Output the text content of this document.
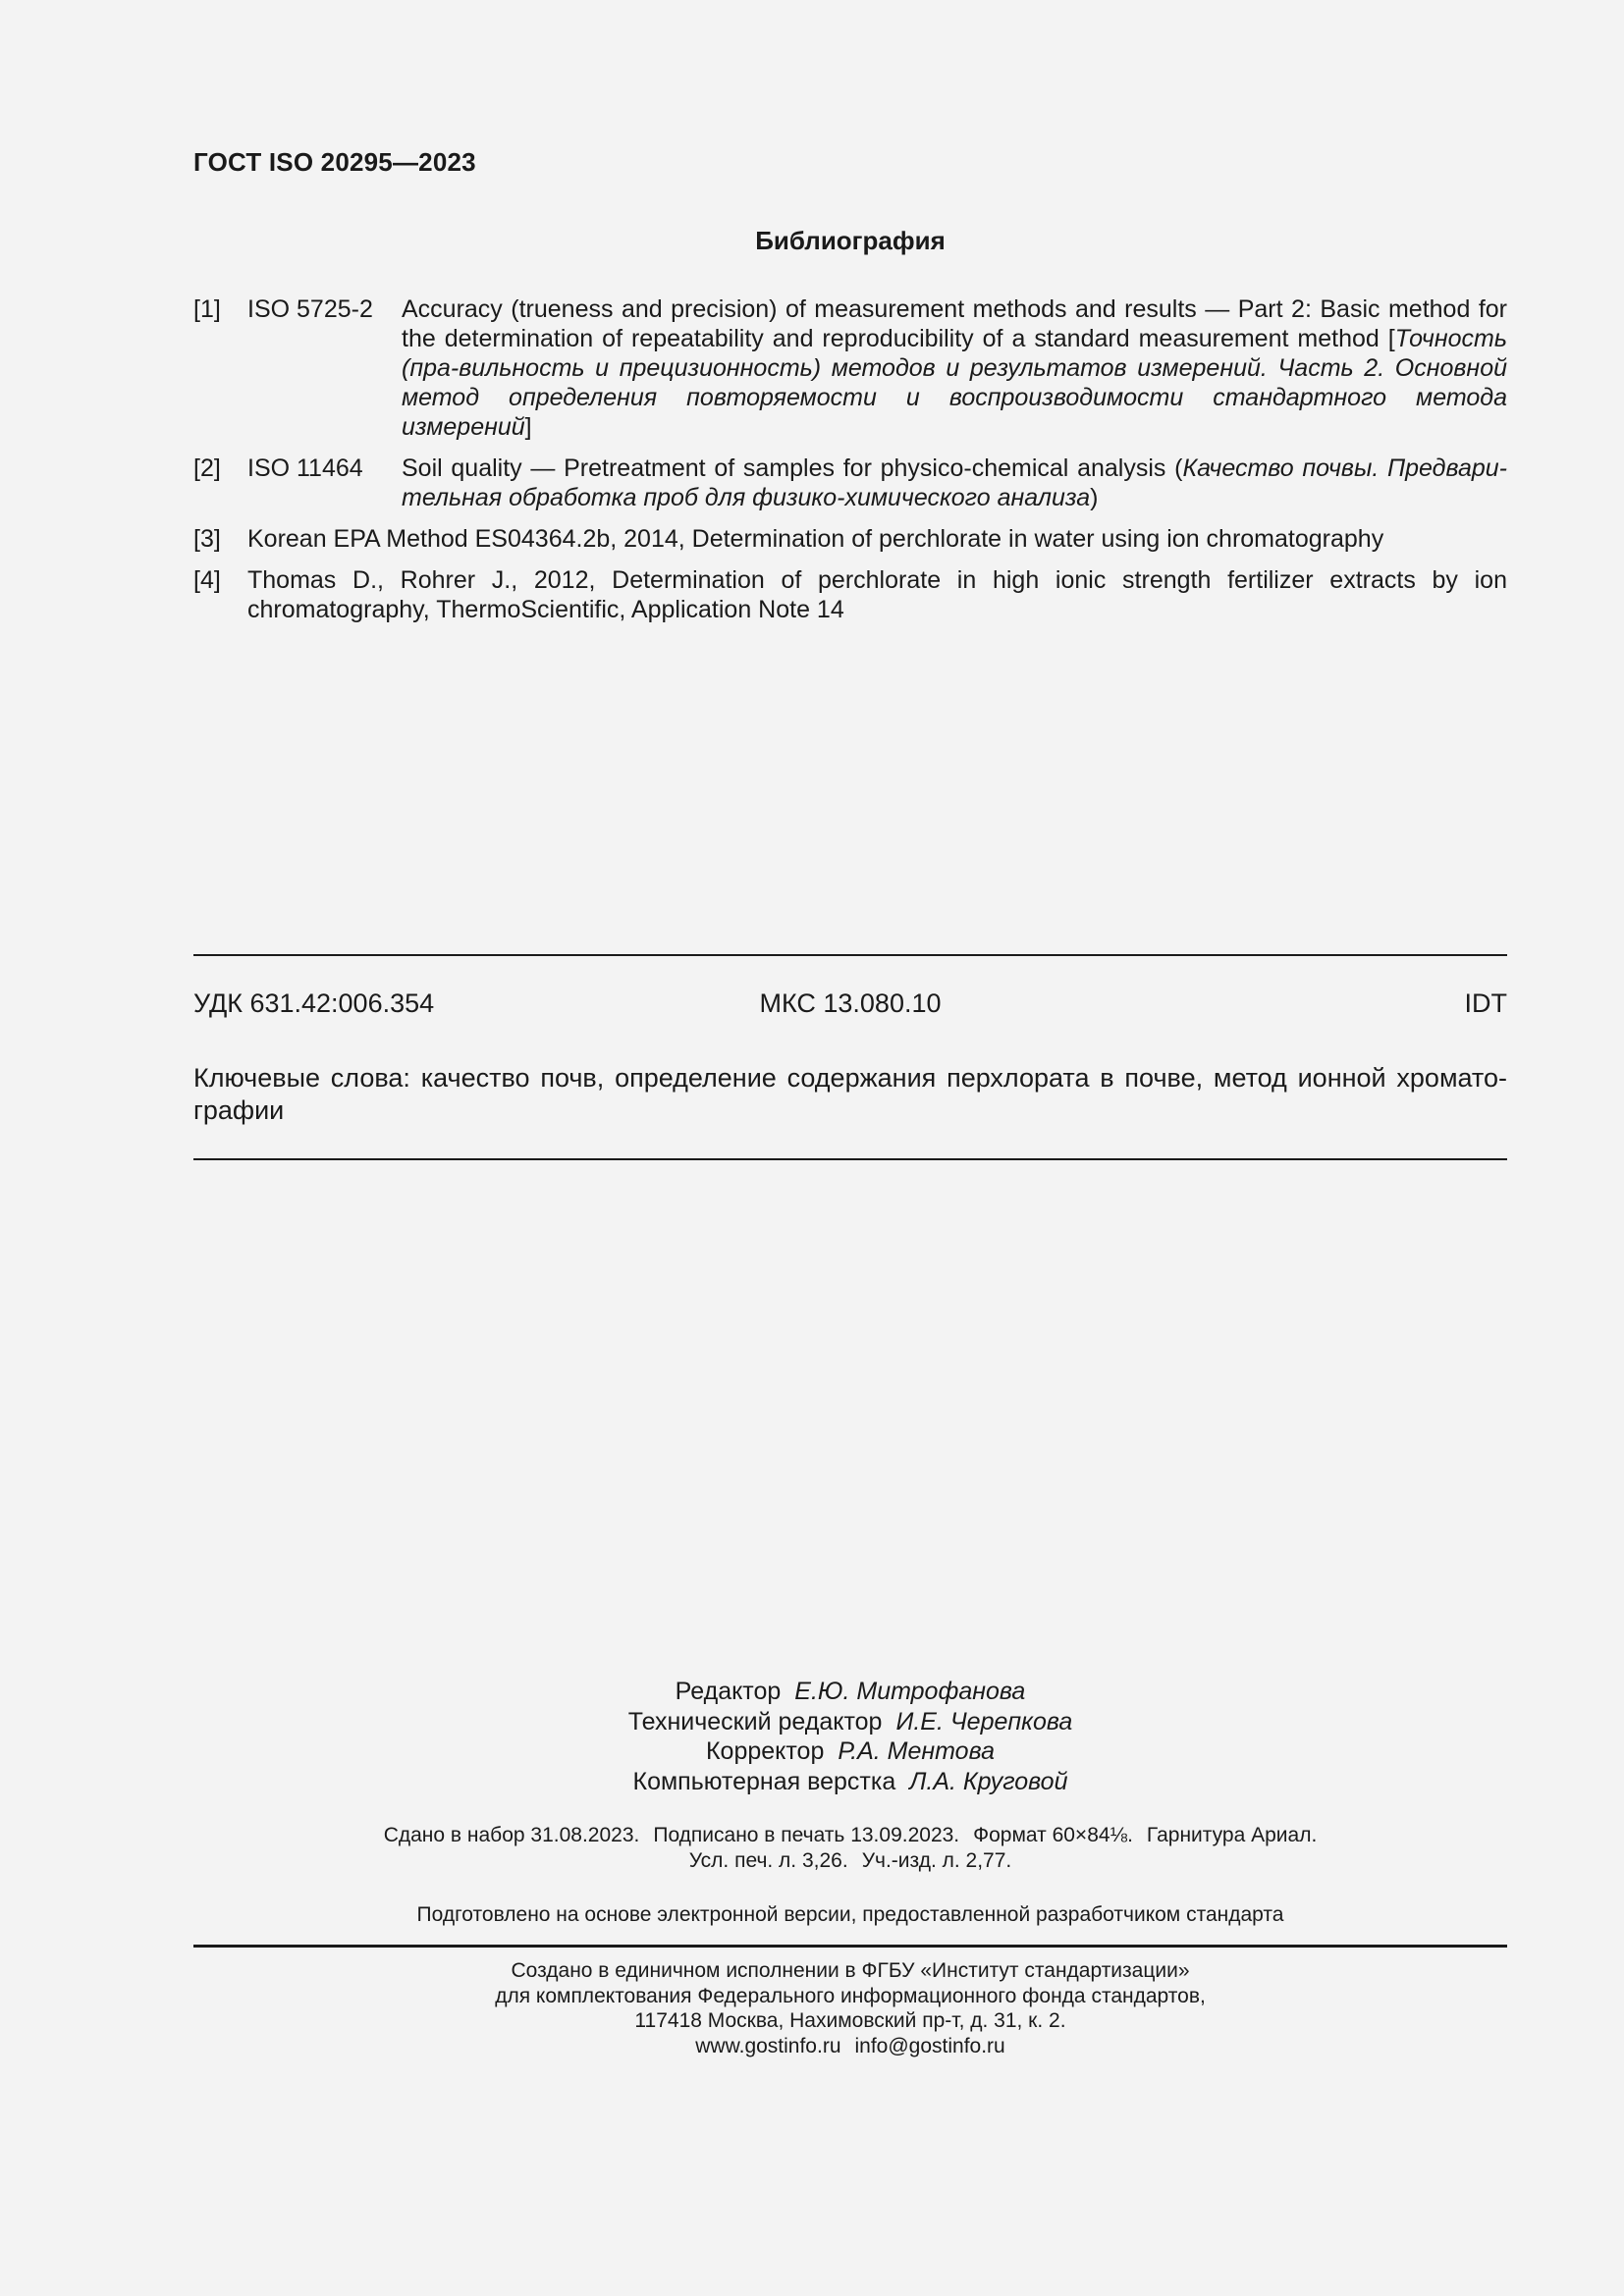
ГОСТ ISO 20295—2023
Библиография
[1] ISO 5725-2 Accuracy (trueness and precision) of measurement methods and results — Part 2: Basic method for the determination of repeatability and reproducibility of a standard measurement method [Точность (пра-вильность и прецизионность) методов и результатов измерений. Часть 2. Основной метод определения повторяемости и воспроизводимости стандартного метода измерений]
[2] ISO 11464 Soil quality — Pretreatment of samples for physico-chemical analysis (Качество почвы. Предвари-тельная обработка проб для физико-химического анализа)
[3] Korean EPA Method ES04364.2b, 2014, Determination of perchlorate in water using ion chromatography
[4] Thomas D., Rohrer J., 2012, Determination of perchlorate in high ionic strength fertilizer extracts by ion chromatography, ThermoScientific, Application Note 14
УДК 631.42:006.354	МКС 13.080.10	IDT
Ключевые слова: качество почв, определение содержания перхлората в почве, метод ионной хромато-графии
Редактор Е.Ю. Митрофанова
Технический редактор И.Е. Черепкова
Корректор Р.А. Ментова
Компьютерная верстка Л.А. Круговой
Сдано в набор 31.08.2023. Подписано в печать 13.09.2023. Формат 60×84⅛. Гарнитура Ариал.
Усл. печ. л. 3,26. Уч.-изд. л. 2,77.
Подготовлено на основе электронной версии, предоставленной разработчиком стандарта
Создано в единичном исполнении в ФГБУ «Институт стандартизации»
для комплектования Федерального информационного фонда стандартов,
117418 Москва, Нахимовский пр-т, д. 31, к. 2.
www.gostinfo.ru info@gostinfo.ru
